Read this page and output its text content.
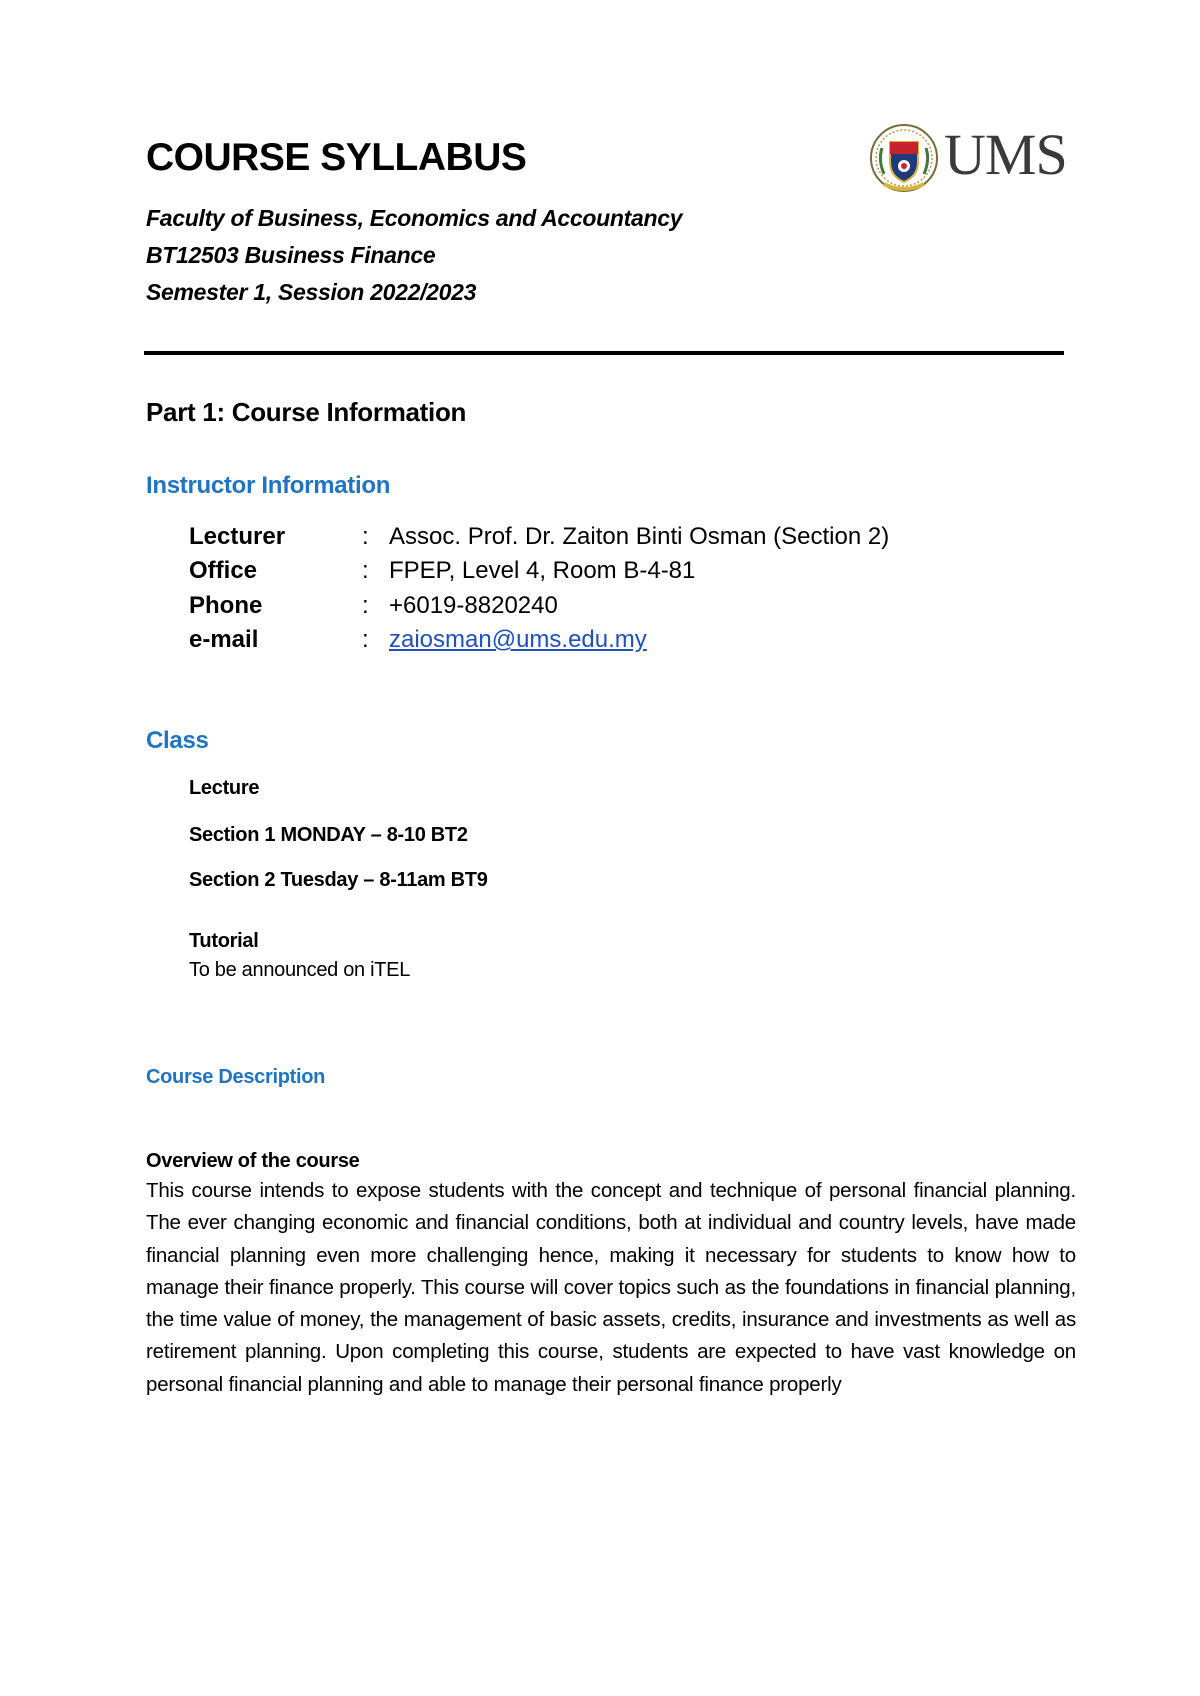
COURSE SYLLABUS

Faculty of Business, Economics and Accountancy

BT12503 Business Finance

Semester 1, Session 2022/2023

UMS
Part 1: Course Information
Instructor Information
Lecturer	: Assoc. Prof. Dr. Zaiton Binti Osman (Section 2)
Office	: FPEP, Level 4, Room B-4-81
Phone	: +6019-8820240
e-mail	: zaiosman@ums.edu.my
Class

Lecture

Section 1 MONDAY – 8-10 BT2

Section 2 Tuesday – 8-11am BT9

Tutorial

To be announced on iTEL

Course Description

Overview of the course

This course intends to expose students with the concept and technique of personal financial planning. The ever changing economic and financial conditions, both at individual and country levels, have made financial planning even more challenging hence, making it necessary for students to know how to manage their finance properly. This course will cover topics such as the foundations in financial planning, the time value of money, the management of basic assets, credits, insurance and investments as well as retirement planning. Upon completing this course, students are expected to have vast knowledge on personal financial planning and able to manage their personal finance properly
